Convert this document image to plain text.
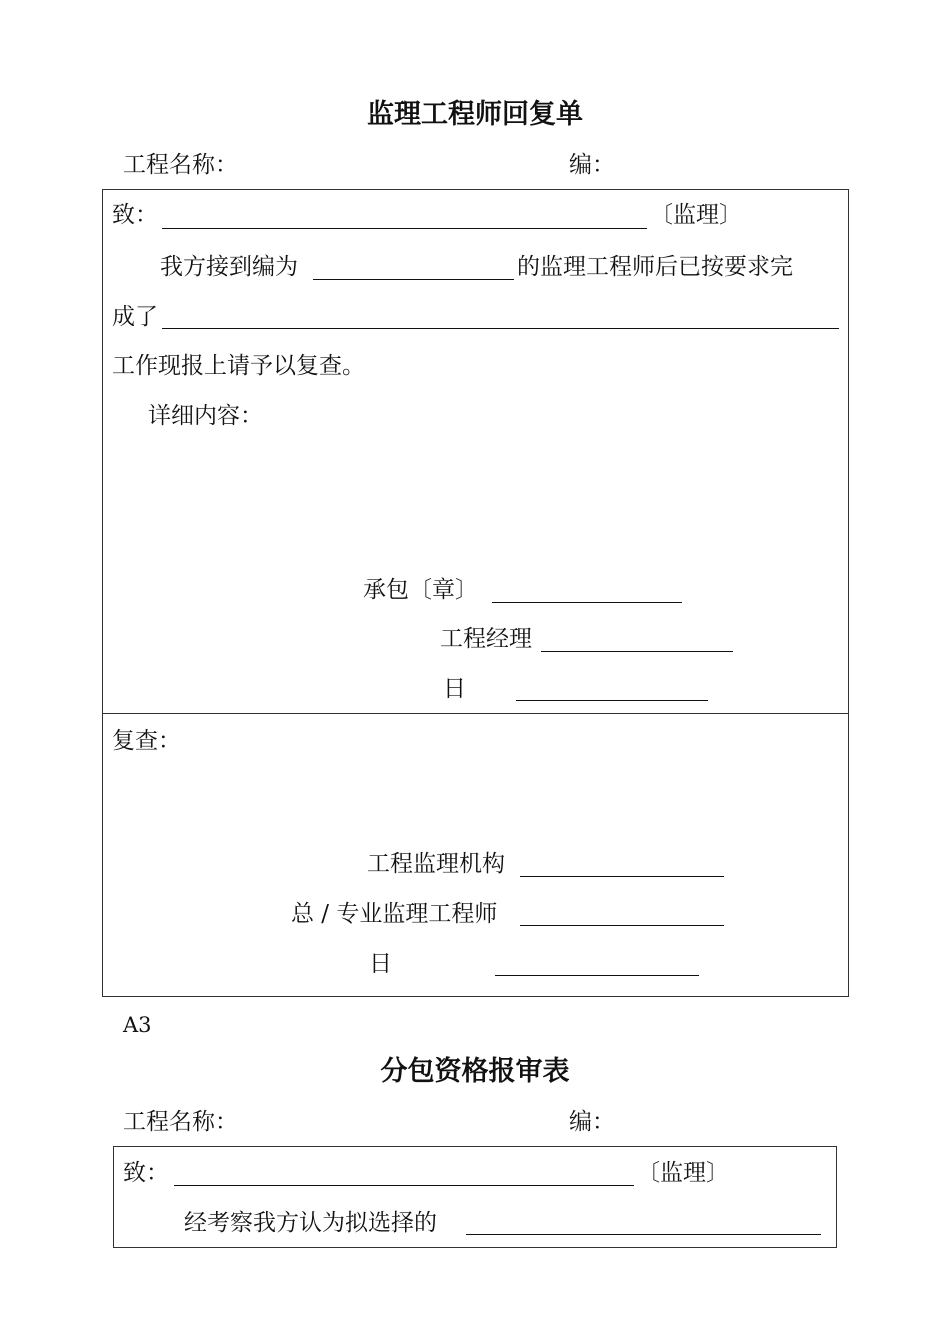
监理工程师回复单
工程名称：	编：
致：	〔监理〕
我方接到编为	的监理工程师后已按要求完
成了
工作现报上请予以复查。
详细内容：
承包〔章〕
工程经理
日
复查：
工程监理机构
总 / 专业监理工程师
日
A3
分包资格报审表
工程名称：	编：
致：	〔监理〕
经考察我方认为拟选择的
